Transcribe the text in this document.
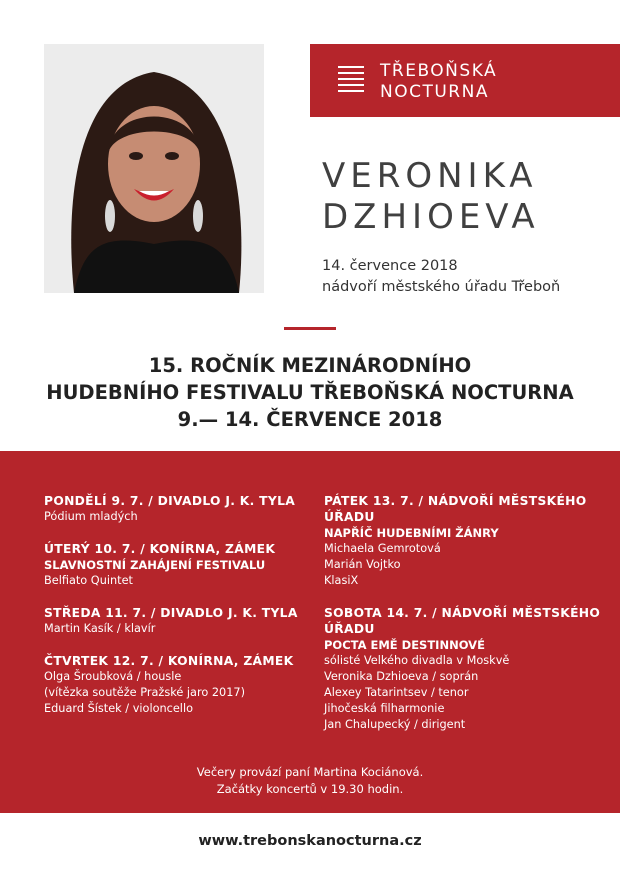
TŘEBOŇSKÁ
NOCTURNA
VERONIKA
DZHIOEVA
14. července 2018
nádvoří městského úřadu Třeboň
15. ROČNÍK MEZINÁRODNÍHO
HUDEBNÍHO FESTIVALU TŘEBOŇSKÁ NOCTURNA
9.— 14. ČERVENCE 2018
PONDĚLÍ 9. 7. / DIVADLO J. K. TYLA
Pódium mladých
ÚTERÝ 10. 7. / KONÍRNA, ZÁMEK
SLAVNOSTNÍ ZAHÁJENÍ FESTIVALU
Belfiato Quintet
STŘEDA 11. 7. / DIVADLO J. K. TYLA
Martin Kasík / klavír
ČTVRTEK 12. 7. / KONÍRNA, ZÁMEK
Olga Šroubková / housle
(vítězka soutěže Pražské jaro 2017)
Eduard Šístek / violoncello
PÁTEK 13. 7. / NÁDVOŘÍ MĚSTSKÉHO
ÚŘADU
NAPŘÍČ HUDEBNÍMI ŽÁNRY
Michaela Gemrotová
Marián Vojtko
KlasiX
SOBOTA 14. 7. / NÁDVOŘÍ MĚSTSKÉHO
ÚŘADU
POCTA EMĚ DESTINNOVÉ
sólisté Velkého divadla v Moskvě
Veronika Dzhioeva / soprán
Alexey Tatarintsev / tenor
Jihočeská filharmonie
Jan Chalupecký / dirigent
Večery provází paní Martina Kociánová.
Začátky koncertů v 19.30 hodin.
www.trebonskanocturna.cz
